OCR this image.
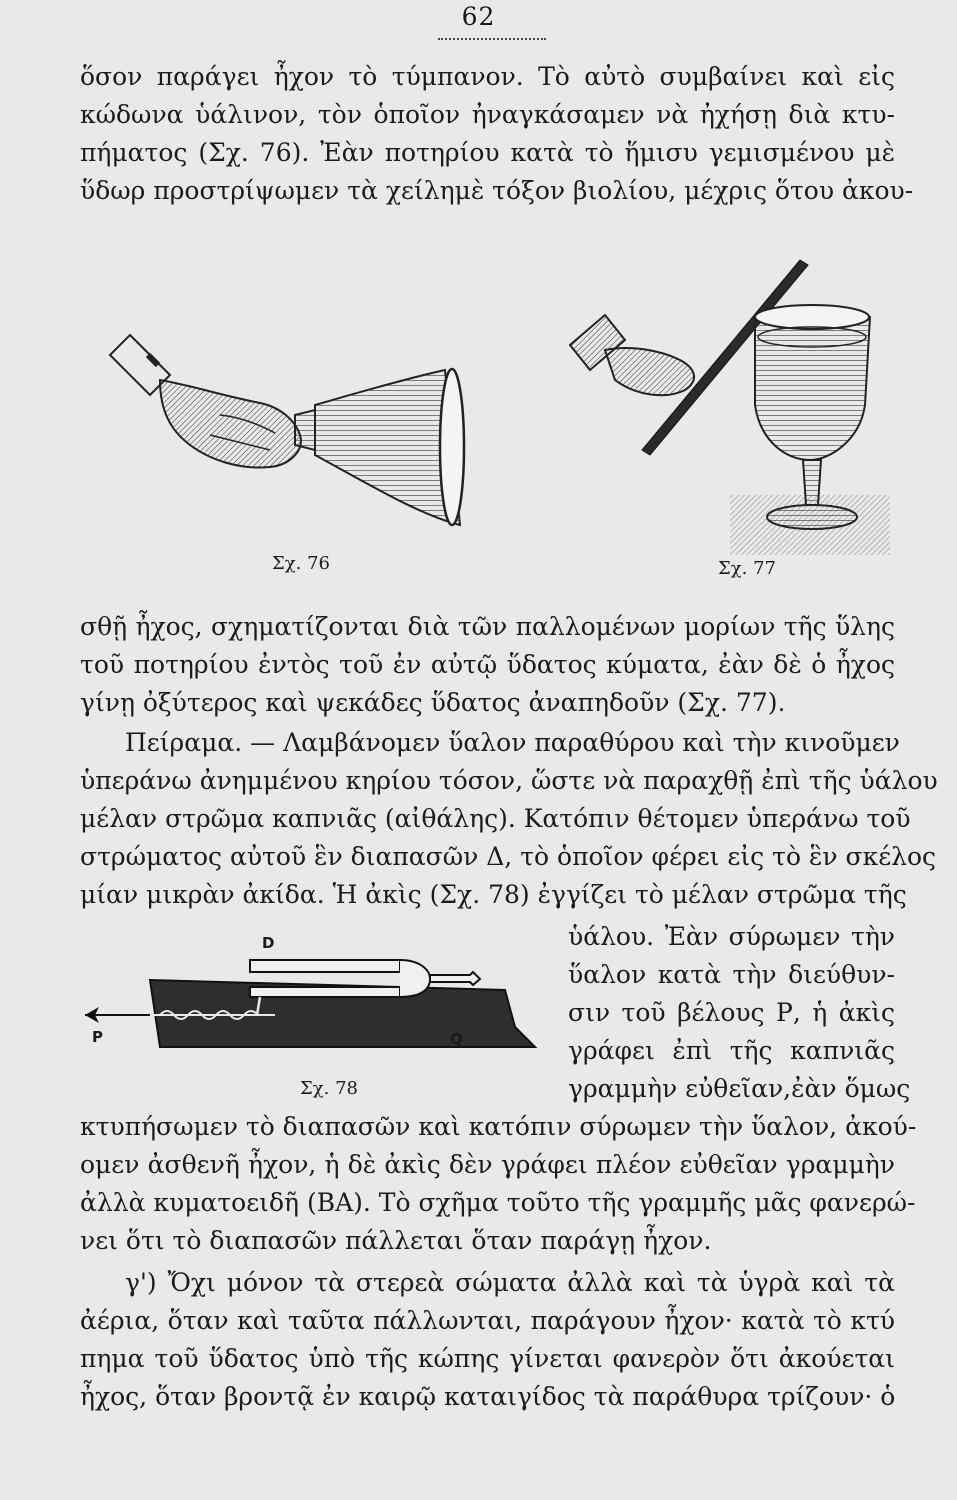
62
ὅσον παράγει ἦχον τὸ τύμπανον. Τὸ αὐτὸ συμβαίνει καὶ εἰς
κώδωνα ὑάλινον, τὸν ὁποῖον ἠναγκάσαμεν νὰ ἠχήσῃ διὰ κτυ-
πήματος (Σχ. 76). Ἐὰν ποτηρίου κατὰ τὸ ἥμισυ γεμισμένου μὲ
ὕδωρ προστρίψωμεν τὰ χείλημὲ τόξον βιολίου, μέχρις ὅτου ἀκου-
Σχ. 76	Σχ. 77
σθῇ ἦχος, σχηματίζονται διὰ τῶν παλλομένων μορίων τῆς ὕλης
τοῦ ποτηρίου ἐντὸς τοῦ ἐν αὐτῷ ὕδατος κύματα, ἐὰν δὲ ὁ ἦχος
γίνῃ ὀξύτερος καὶ ψεκάδες ὕδατος ἀναπηδοῦν (Σχ. 77).
Πείραμα. — Λαμβάνομεν ὕαλον παραθύρου καὶ τὴν κινοῦμεν
ὑπεράνω ἀνημμένου κηρίου τόσον, ὥστε νὰ παραχθῇ ἐπὶ τῆς ὑάλου
μέλαν στρῶμα καπνιᾶς (αἰθάλης). Κατόπιν θέτομεν ὑπεράνω τοῦ
στρώματος αὐτοῦ ἓν διαπασῶν Δ, τὸ ὁποῖον φέρει εἰς τὸ ἓν σκέλος
μίαν μικρὰν ἀκίδα. Ἡ ἀκὶς (Σχ. 78) ἐγγίζει τὸ μέλαν στρῶμα τῆς
D
P	Q
Σχ. 78
ὑάλου. Ἐὰν σύρωμεν τὴν
ὕαλον κατὰ τὴν διεύθυν-
σιν τοῦ βέλους Ρ, ἡ ἀκὶς
γράφει ἐπὶ τῆς καπνιᾶς
γραμμὴν εὐθεῖαν,ἐὰν ὅμως
κτυπήσωμεν τὸ διαπασῶν καὶ κατόπιν σύρωμεν τὴν ὕαλον, ἀκού-
ομεν ἀσθενῆ ἦχον, ἡ δὲ ἀκὶς δὲν γράφει πλέον εὐθεῖαν γραμμὴν
ἀλλὰ κυματοειδῆ (ΒΑ). Τὸ σχῆμα τοῦτο τῆς γραμμῆς μᾶς φανερώ-
νει ὅτι τὸ διαπασῶν πάλλεται ὅταν παράγῃ ἦχον.
γ') Ὄχι μόνον τὰ στερεὰ σώματα ἀλλὰ καὶ τὰ ὑγρὰ καὶ τὰ
ἀέρια, ὅταν καὶ ταῦτα πάλλωνται, παράγουν ἦχον· κατὰ τὸ κτύ
πημα τοῦ ὕδατος ὑπὸ τῆς κώπης γίνεται φανερὸν ὅτι ἀκούεται
ἦχος, ὅταν βροντᾷ ἐν καιρῷ καταιγίδος τὰ παράθυρα τρίζουν· ὁ
